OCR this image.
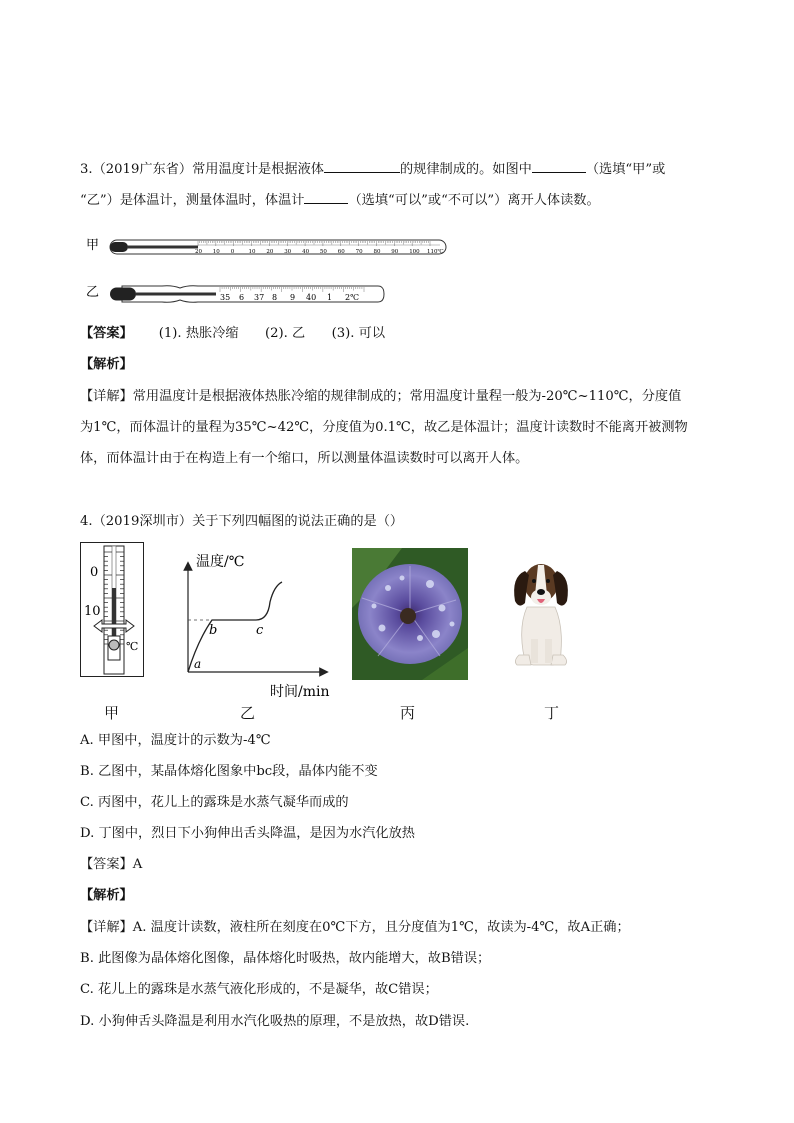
3.（2019广东省）常用温度计是根据液体	的规律制成的。如图中	（选填“甲”或
“乙”）是体温计，测量体温时，体温计	（选填“可以”或“不可以”）离开人体读数。
甲
乙
20 10 0	10 20 30 40 50 60 70 80 90 100 110℃
35 6 37 8 9 40 1 2℃
【答案】 (1). 热胀冷缩　　(2). 乙　　(3). 可以
【解析】
【详解】常用温度计是根据液体热胀冷缩的规律制成的；常用温度计量程一般为-20℃~110℃，分度值
为1℃，而体温计的量程为35℃~42℃，分度值为0.1℃，故乙是体温计；温度计读数时不能离开被测物
体，而体温计由于在构造上有一个缩口，所以测量体温读数时可以离开人体。
4.（2019深圳市）关于下列四幅图的说法正确的是（）
0
10
℃
温度/℃
a
b	c
时间/min
甲	乙	丙	丁
A. 甲图中，温度计的示数为-4℃
B. 乙图中，某晶体熔化图象中bc段，晶体内能不变
C. 丙图中，花儿上的露珠是水蒸气凝华而成的
D. 丁图中，烈日下小狗伸出舌头降温，是因为水汽化放热
【答案】A
【解析】
【详解】A. 温度计读数，液柱所在刻度在0℃下方，且分度值为1℃，故读为-4℃，故A正确；
B. 此图像为晶体熔化图像，晶体熔化时吸热，故内能增大，故B错误；
C. 花儿上的露珠是水蒸气液化形成的，不是凝华，故C错误；
D. 小狗伸舌头降温是利用水汽化吸热的原理，不是放热，故D错误.
